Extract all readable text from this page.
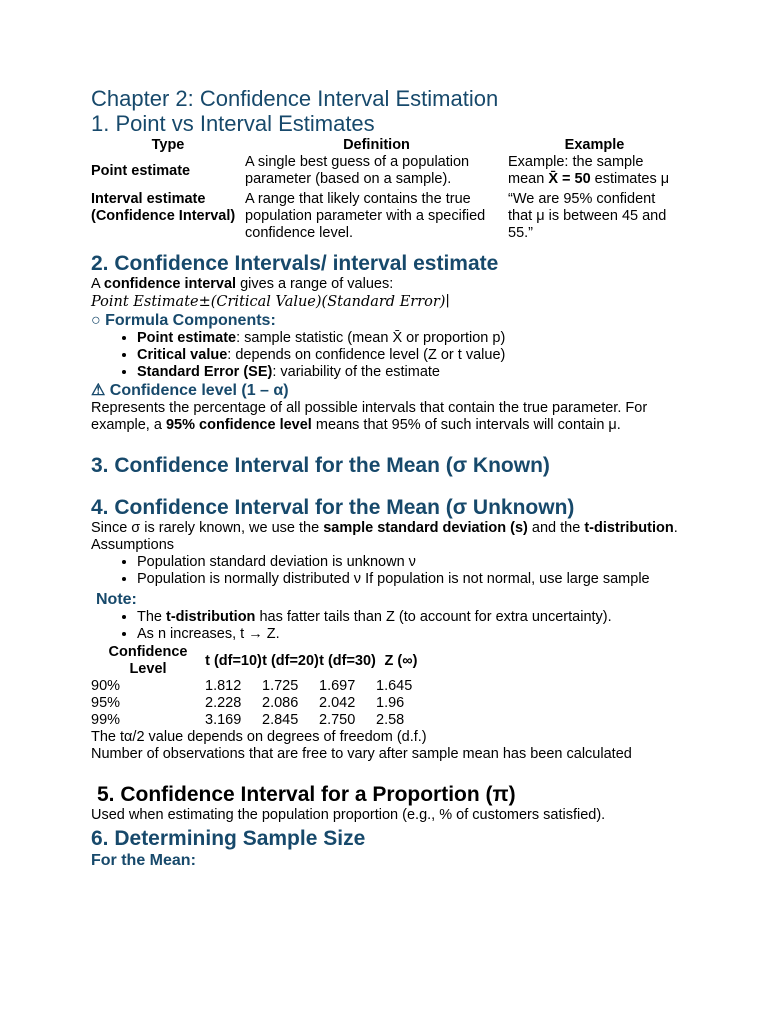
Chapter 2: Confidence Interval Estimation
1. Point vs Interval Estimates
Type	Definition	Example
Point estimate	A single best guess of a population parameter (based on a sample).	Example: the sample mean X̄ = 50 estimates μ
Interval estimate (Confidence Interval)	A range that likely contains the true population parameter with a specified confidence level.	“We are 95% confident that μ is between 45 and 55.”
2. Confidence Intervals/ interval estimate

A confidence interval gives a range of values:

Point Estimate±(Critical Value)(Standard Error)∣

○ Formula Components:
• Point estimate: sample statistic (mean X̄ or proportion p)
• Critical value: depends on confidence level (Z or t value)
• Standard Error (SE): variability of the estimate
⚠ Confidence level (1 – α)

Represents the percentage of all possible intervals that contain the true parameter. For example, a 95% confidence level means that 95% of such intervals will contain μ.

3. Confidence Interval for the Mean (σ Known)
4. Confidence Interval for the Mean (σ Unknown)

Since σ is rarely known, we use the sample standard deviation (s) and the t-distribution.

Assumptions

• Population standard deviation is unknown ν
• Population is normally distributed ν If population is not normal, use large sample
Note:
• The t-distribution has fatter tails than Z (to account for extra uncertainty).
• As n increases, t → Z.
Confidence Level	t (df=10)	t (df=20)	t (df=30)	Z (∞)
90%	1.812	1.725	1.697	1.645
95%	2.228	2.086	2.042	1.96
99%	3.169	2.845	2.750	2.58

The tα/2 value depends on degrees of freedom (d.f.)

Number of observations that are free to vary after sample mean has been calculated

5. Confidence Interval for a Proportion (π)

Used when estimating the population proportion (e.g., % of customers satisfied).

6. Determining Sample Size
For the Mean:
